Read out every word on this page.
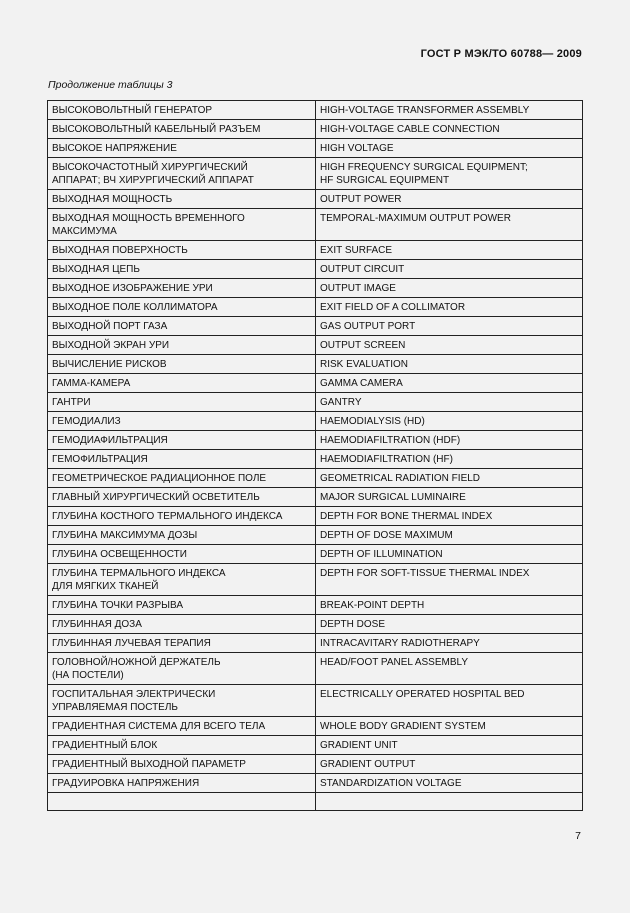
ГОСТ Р МЭК/ТО 60788— 2009
Продолжение таблицы 3
ВЫСОКОВОЛЬТНЫЙ ГЕНЕРАТОР	HIGH-VOLTAGE TRANSFORMER ASSEMBLY
ВЫСОКОВОЛЬТНЫЙ КАБЕЛЬНЫЙ РАЗЪЕМ	HIGH-VOLTAGE CABLE CONNECTION
ВЫСОКОЕ НАПРЯЖЕНИЕ	HIGH VOLTAGE
ВЫСОКОЧАСТОТНЫЙ ХИРУРГИЧЕСКИЙ
АППАРАТ; ВЧ ХИРУРГИЧЕСКИЙ АППАРАТ	HIGH FREQUENCY SURGICAL EQUIPMENT;
HF SURGICAL EQUIPMENT
ВЫХОДНАЯ МОЩНОСТЬ	OUTPUT POWER
ВЫХОДНАЯ МОЩНОСТЬ ВРЕМЕННОГО
МАКСИМУМА	TEMPORAL-MAXIMUM OUTPUT POWER
ВЫХОДНАЯ ПОВЕРХНОСТЬ	EXIT SURFACE
ВЫХОДНАЯ ЦЕПЬ	OUTPUT CIRCUIT
ВЫХОДНОЕ ИЗОБРАЖЕНИЕ УРИ	OUTPUT IMAGE
ВЫХОДНОЕ ПОЛЕ КОЛЛИМАТОРА	EXIT FIELD OF A COLLIMATOR
ВЫХОДНОЙ ПОРТ ГАЗА	GAS OUTPUT PORT
ВЫХОДНОЙ ЭКРАН УРИ	OUTPUT SCREEN
ВЫЧИСЛЕНИЕ РИСКОВ	RISK EVALUATION
ГАММА-КАМЕРА	GAMMA CAMERA
ГАНТРИ	GANTRY
ГЕМОДИАЛИЗ	HAEMODIALYSIS (HD)
ГЕМОДИАФИЛЬТРАЦИЯ	HAEMODIAFILTRATION (HDF)
ГЕМОФИЛЬТРАЦИЯ	HAEMODIAFILTRATION (HF)
ГЕОМЕТРИЧЕСКОЕ РАДИАЦИОННОЕ ПОЛЕ	GEOMETRICAL RADIATION FIELD
ГЛАВНЫЙ ХИРУРГИЧЕСКИЙ ОСВЕТИТЕЛЬ	MAJOR SURGICAL LUMINAIRE
ГЛУБИНА КОСТНОГО ТЕРМАЛЬНОГО ИНДЕКСА	DEPTH FOR BONE THERMAL INDEX
ГЛУБИНА МАКСИМУМА ДОЗЫ	DEPTH OF DOSE MAXIMUM
ГЛУБИНА ОСВЕЩЕННОСТИ	DEPTH OF ILLUMINATION
ГЛУБИНА ТЕРМАЛЬНОГО ИНДЕКСА
ДЛЯ МЯГКИХ ТКАНЕЙ	DEPTH FOR SOFT-TISSUE THERMAL INDEX
ГЛУБИНА ТОЧКИ РАЗРЫВА	BREAK-POINT DEPTH
ГЛУБИННАЯ ДОЗА	DEPTH DOSE
ГЛУБИННАЯ ЛУЧЕВАЯ ТЕРАПИЯ	INTRACAVITARY RADIOTHERAPY
ГОЛОВНОЙ/НОЖНОЙ ДЕРЖАТЕЛЬ
(НА ПОСТЕЛИ)	HEAD/FOOT PANEL ASSEMBLY
ГОСПИТАЛЬНАЯ ЭЛЕКТРИЧЕСКИ
УПРАВЛЯЕМАЯ ПОСТЕЛЬ	ELECTRICALLY OPERATED HOSPITAL BED
ГРАДИЕНТНАЯ СИСТЕМА ДЛЯ ВСЕГО ТЕЛА	WHOLE BODY GRADIENT SYSTEM
ГРАДИЕНТНЫЙ БЛОК	GRADIENT UNIT
ГРАДИЕНТНЫЙ ВЫХОДНОЙ ПАРАМЕТР	GRADIENT OUTPUT
ГРАДУИРОВКА НАПРЯЖЕНИЯ	STANDARDIZATION VOLTAGE

7
